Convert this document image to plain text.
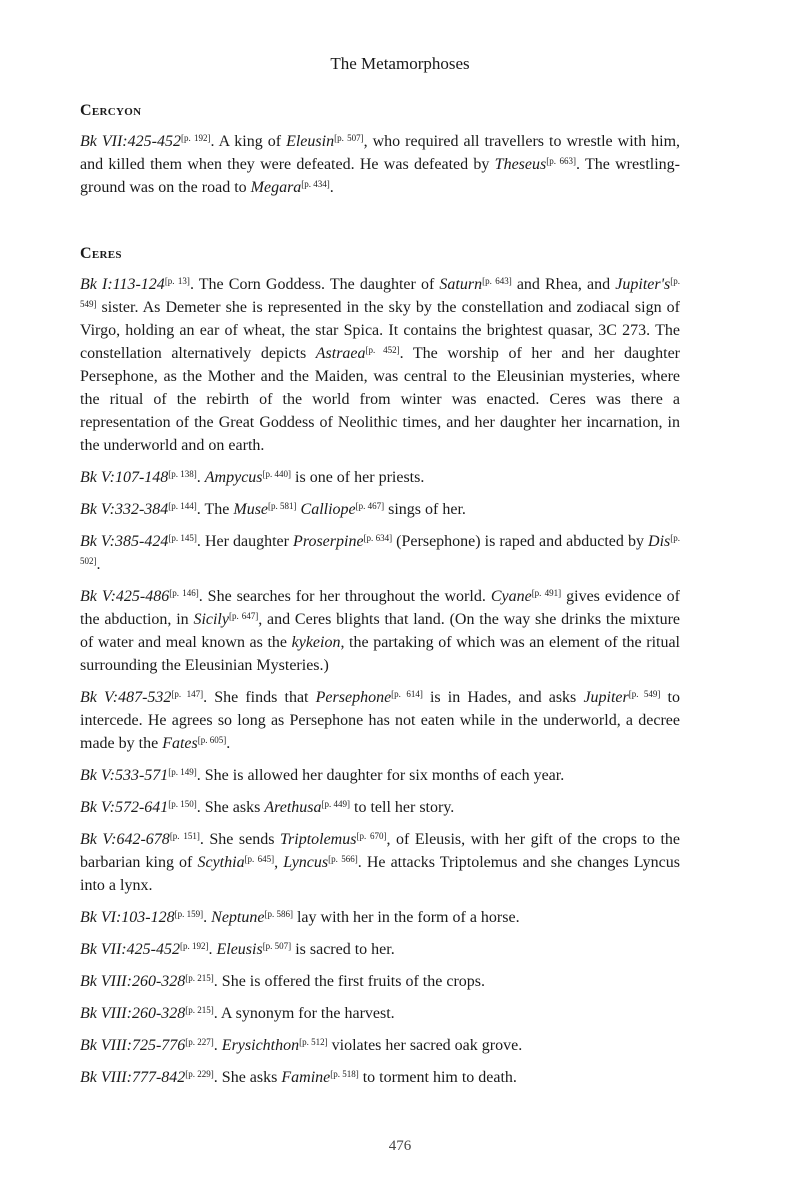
The Metamorphoses
Cercyon

Bk VII:425-452[p. 192]. A king of Eleusin[p. 507], who required all travellers to wrestle with him, and killed them when they were defeated. He was defeated by Theseus[p. 663]. The wrestling-ground was on the road to Megara[p. 434].

Ceres

Bk I:113-124[p. 13]. The Corn Goddess. The daughter of Saturn[p. 643] and Rhea, and Jupiter's[p. 549] sister. As Demeter she is represented in the sky by the constellation and zodiacal sign of Virgo, holding an ear of wheat, the star Spica. It contains the brightest quasar, 3C 273. The constellation alternatively depicts Astraea[p. 452]. The worship of her and her daughter Persephone, as the Mother and the Maiden, was central to the Eleusinian mysteries, where the ritual of the rebirth of the world from winter was enacted. Ceres was there a representation of the Great Goddess of Neolithic times, and her daughter her incarnation, in the underworld and on earth.

Bk V:107-148[p. 138]. Ampycus[p. 440] is one of her priests.

Bk V:332-384[p. 144]. The Muse[p. 581] Calliope[p. 467] sings of her.

Bk V:385-424[p. 145]. Her daughter Proserpine[p. 634] (Persephone) is raped and abducted by Dis[p. 502].

Bk V:425-486[p. 146]. She searches for her throughout the world. Cyane[p. 491] gives evidence of the abduction, in Sicily[p. 647], and Ceres blights that land. (On the way she drinks the mixture of water and meal known as the kykeion, the partaking of which was an element of the ritual surrounding the Eleusinian Mysteries.)

Bk V:487-532[p. 147]. She finds that Persephone[p. 614] is in Hades, and asks Jupiter[p. 549] to intercede. He agrees so long as Persephone has not eaten while in the underworld, a decree made by the Fates[p. 605].

Bk V:533-571[p. 149]. She is allowed her daughter for six months of each year.

Bk V:572-641[p. 150]. She asks Arethusa[p. 449] to tell her story.

Bk V:642-678[p. 151]. She sends Triptolemus[p. 670], of Eleusis, with her gift of the crops to the barbarian king of Scythia[p. 645], Lyncus[p. 566]. He attacks Triptolemus and she changes Lyncus into a lynx.

Bk VI:103-128[p. 159]. Neptune[p. 586] lay with her in the form of a horse.

Bk VII:425-452[p. 192]. Eleusis[p. 507] is sacred to her.

Bk VIII:260-328[p. 215]. She is offered the first fruits of the crops.

Bk VIII:260-328[p. 215]. A synonym for the harvest.

Bk VIII:725-776[p. 227]. Erysichthon[p. 512] violates her sacred oak grove.

Bk VIII:777-842[p. 229]. She asks Famine[p. 518] to torment him to death.

476
